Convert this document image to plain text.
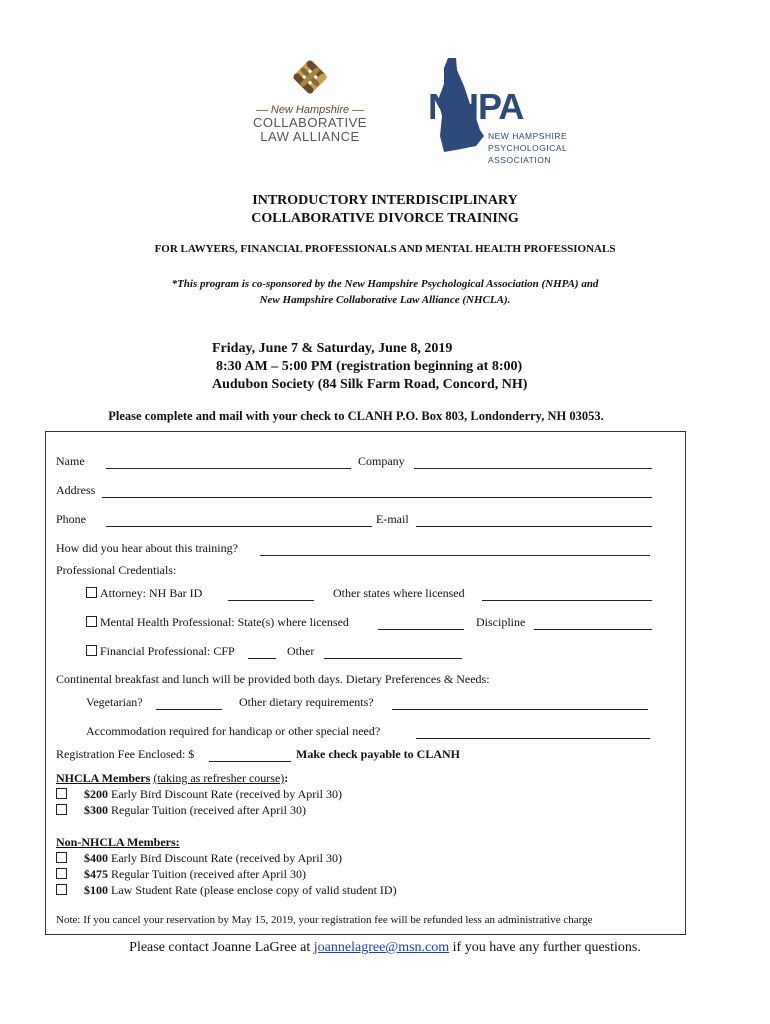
New Hampshire
COLLABORATIVE
LAW ALLIANCE
NHPA
NEW HAMPSHIRE
PSYCHOLOGICAL
ASSOCIATION
INTRODUCTORY INTERDISCIPLINARY
COLLABORATIVE DIVORCE TRAINING
FOR LAWYERS, FINANCIAL PROFESSIONALS AND MENTAL HEALTH PROFESSIONALS
*This program is co-sponsored by the New Hampshire Psychological Association (NHPA) and
New Hampshire Collaborative Law Alliance (NHCLA).
Friday, June 7 & Saturday, June 8, 2019
8:30 AM – 5:00 PM (registration beginning at 8:00)
Audubon Society (84 Silk Farm Road, Concord, NH)
Please complete and mail with your check to CLANH P.O. Box 803, Londonderry, NH 03053.
Name	Company
Address
Phone	E-mail
How did you hear about this training?
Professional Credentials:
Attorney: NH Bar ID	Other states where licensed
Mental Health Professional: State(s) where licensed	Discipline
Financial Professional: CFP	Other
Continental breakfast and lunch will be provided both days. Dietary Preferences & Needs:
Vegetarian?	Other dietary requirements?
Accommodation required for handicap or other special need?
Registration Fee Enclosed: $	Make check payable to CLANH
NHCLA Members (taking as refresher course):
$200 Early Bird Discount Rate (received by April 30)
$300 Regular Tuition (received after April 30)
Non-NHCLA Members:
$400 Early Bird Discount Rate (received by April 30)
$475 Regular Tuition (received after April 30)
$100 Law Student Rate (please enclose copy of valid student ID)
Note: If you cancel your reservation by May 15, 2019, your registration fee will be refunded less an administrative charge
Please contact Joanne LaGree at joannelagree@msn.com if you have any further questions.
